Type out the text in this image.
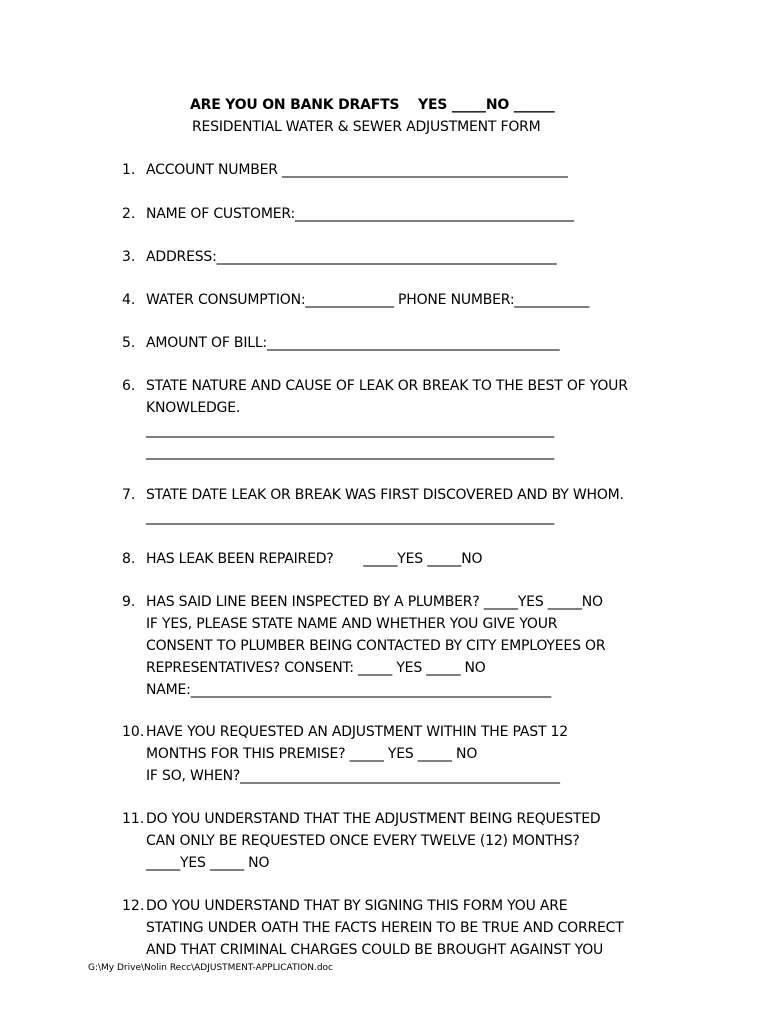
ARE YOU ON BANK DRAFTS    YES _____NO ______
RESIDENTIAL WATER & SEWER ADJUSTMENT FORM
1. ACCOUNT NUMBER __________________________________________
2. NAME OF CUSTOMER:_________________________________________
3. ADDRESS:__________________________________________________
4. WATER CONSUMPTION:_____________ PHONE NUMBER:___________
5. AMOUNT OF BILL:___________________________________________
6. STATE NATURE AND CAUSE OF LEAK OR BREAK TO THE BEST OF YOUR
KNOWLEDGE.
____________________________________________________________
____________________________________________________________
7. STATE DATE LEAK OR BREAK WAS FIRST DISCOVERED AND BY WHOM.
____________________________________________________________
8. HAS LEAK BEEN REPAIRED?       _____YES _____NO
9. HAS SAID LINE BEEN INSPECTED BY A PLUMBER? _____YES _____NO
IF YES, PLEASE STATE NAME AND WHETHER YOU GIVE YOUR
CONSENT TO PLUMBER BEING CONTACTED BY CITY EMPLOYEES OR
REPRESENTATIVES? CONSENT: _____ YES _____ NO
NAME:_____________________________________________________
10. HAVE YOU REQUESTED AN ADJUSTMENT WITHIN THE PAST 12
MONTHS FOR THIS PREMISE? _____ YES _____ NO
IF SO, WHEN?_______________________________________________
11. DO YOU UNDERSTAND THAT THE ADJUSTMENT BEING REQUESTED
CAN ONLY BE REQUESTED ONCE EVERY TWELVE (12) MONTHS?
_____YES _____ NO
12. DO YOU UNDERSTAND THAT BY SIGNING THIS FORM YOU ARE
STATING UNDER OATH THE FACTS HEREIN TO BE TRUE AND CORRECT
AND THAT CRIMINAL CHARGES COULD BE BROUGHT AGAINST YOU
G:\My Drive\Nolin Recc\ADJUSTMENT-APPLICATION.doc
